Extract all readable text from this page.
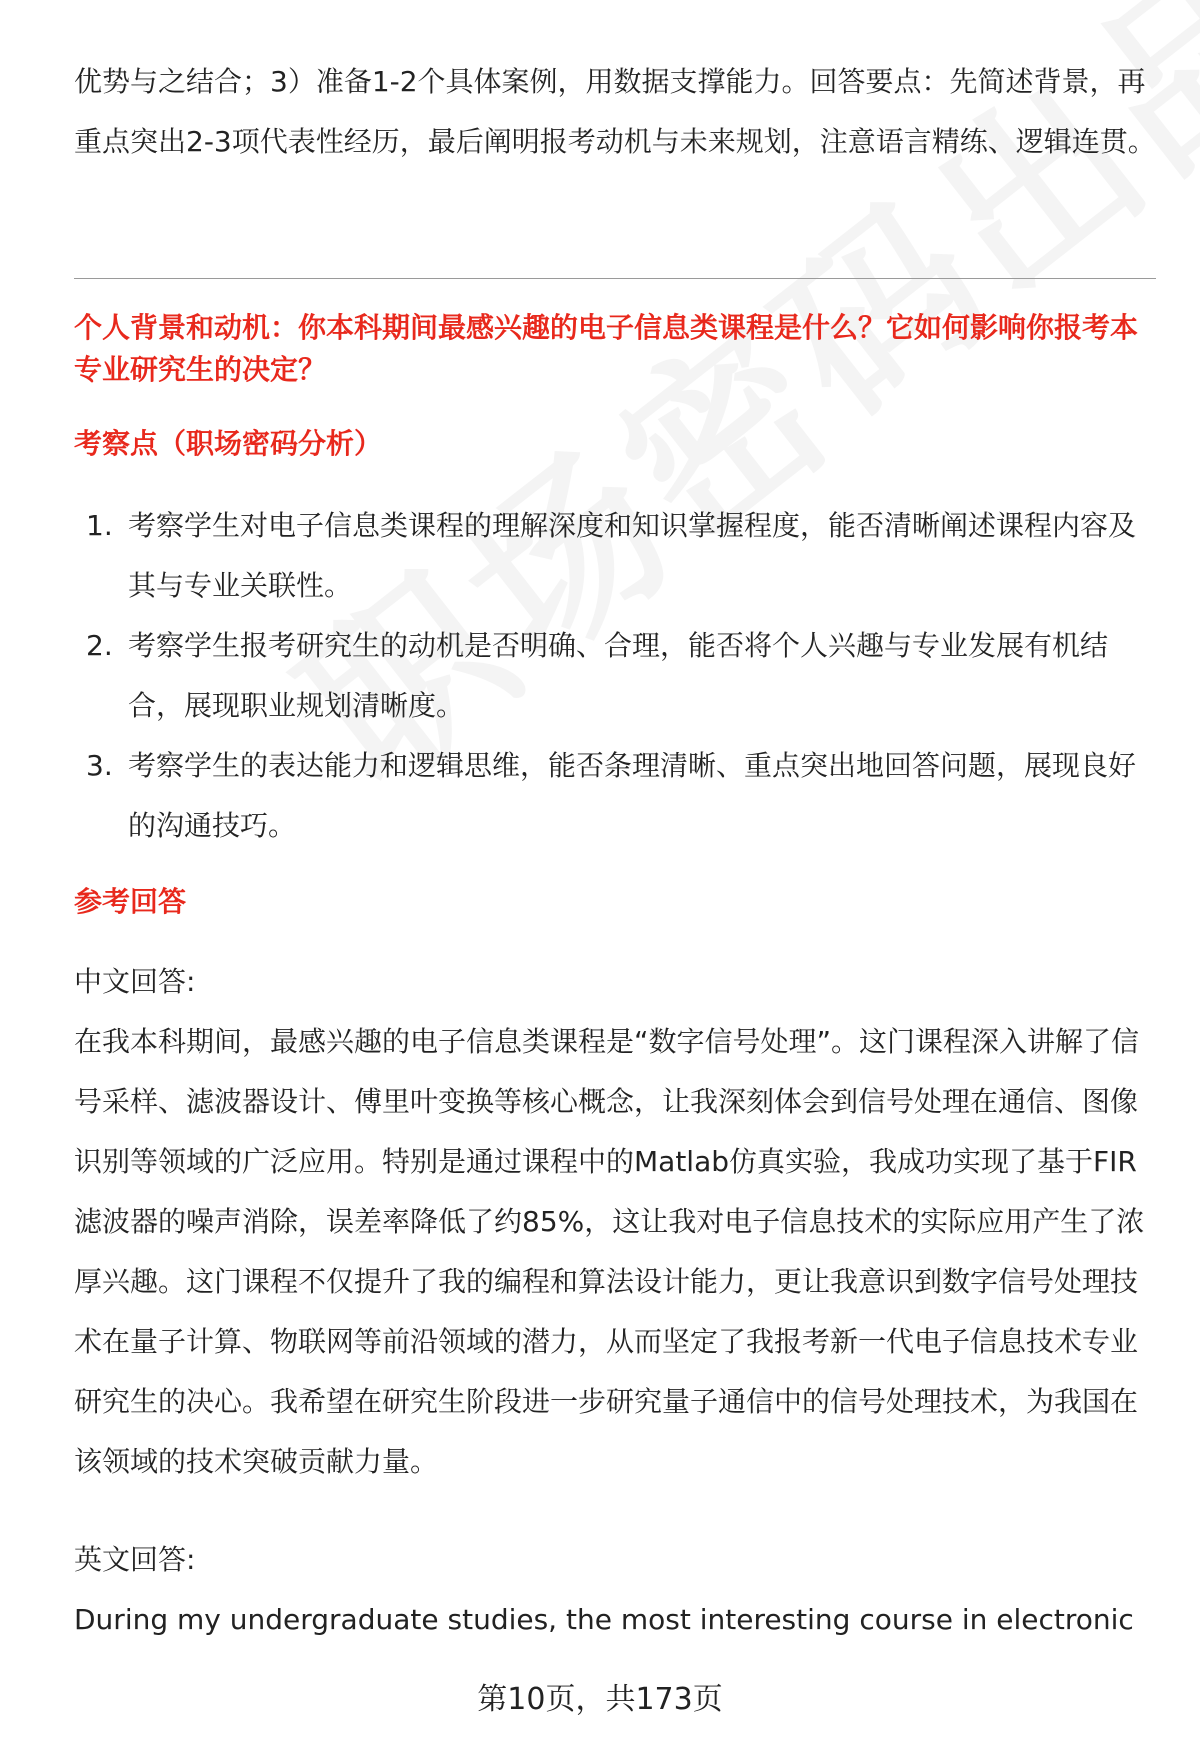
优势与之结合；3）准备1-2个具体案例，用数据支撑能力。回答要点：先简述背景，再重点突出2-3项代表性经历，最后阐明报考动机与未来规划，注意语言精练、逻辑连贯。

个人背景和动机：你本科期间最感兴趣的电子信息类课程是什么？它如何影响你报考本专业研究生的决定？

考察点（职场密码分析）

1. 考察学生对电子信息类课程的理解深度和知识掌握程度，能否清晰阐述课程内容及其与专业关联性。
2. 考察学生报考研究生的动机是否明确、合理，能否将个人兴趣与专业发展有机结合，展现职业规划清晰度。
3. 考察学生的表达能力和逻辑思维，能否条理清晰、重点突出地回答问题，展现良好的沟通技巧。

参考回答

中文回答:

在我本科期间，最感兴趣的电子信息类课程是“数字信号处理”。这门课程深入讲解了信号采样、滤波器设计、傅里叶变换等核心概念，让我深刻体会到信号处理在通信、图像识别等领域的广泛应用。特别是通过课程中的Matlab仿真实验，我成功实现了基于FIR滤波器的噪声消除，误差率降低了约85%，这让我对电子信息技术的实际应用产生了浓厚兴趣。这门课程不仅提升了我的编程和算法设计能力，更让我意识到数字信号处理技术在量子计算、物联网等前沿领域的潜力，从而坚定了我报考新一代电子信息技术专业研究生的决心。我希望在研究生阶段进一步研究量子通信中的信号处理技术，为我国在该领域的技术突破贡献力量。

英文回答:

During my undergraduate studies, the most interesting course in electronic

第10页，共173页
